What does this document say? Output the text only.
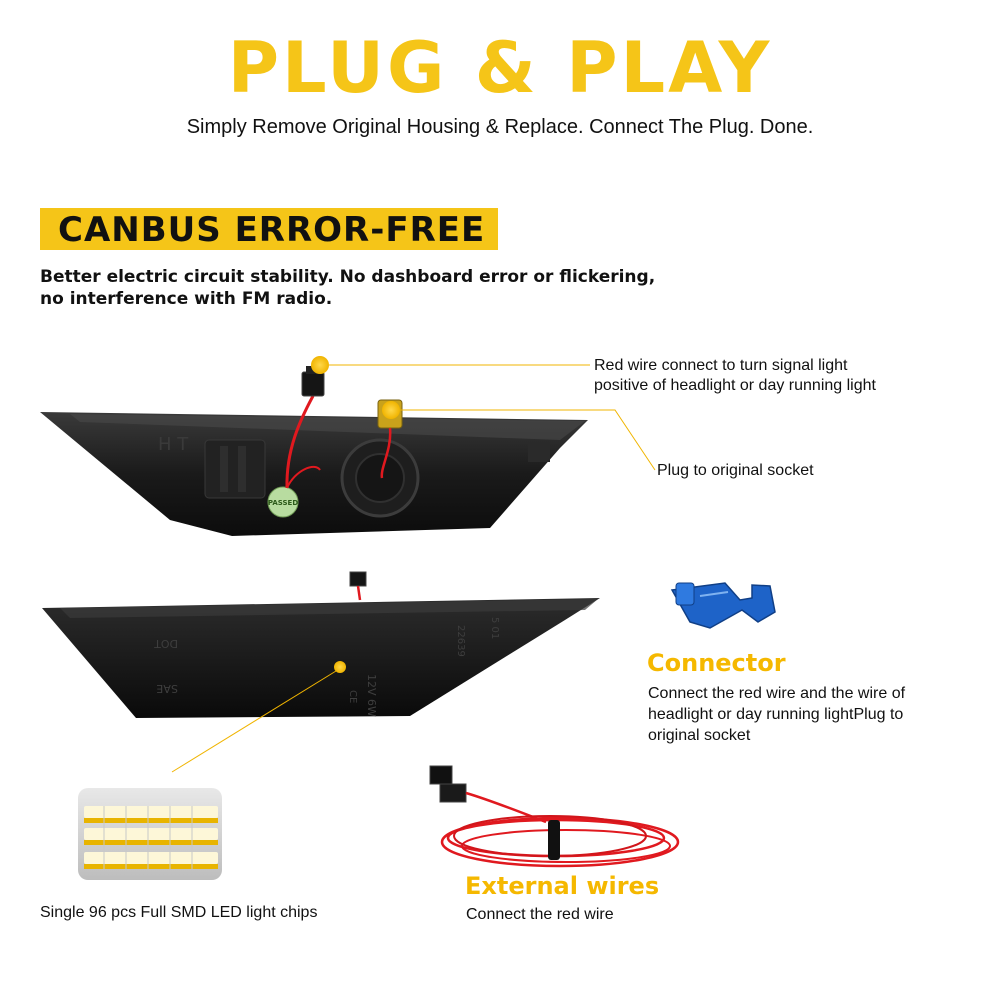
PLUG & PLAY
Simply Remove Original Housing & Replace. Connect The Plug. Done.
CANBUS ERROR-FREE
Better electric circuit stability. No dashboard error or flickering,
no interference with FM radio.
H T
PASSED
DOT
SAE
22639 5 01
12V 6W
CE
Red wire connect to turn signal light
positive of headlight or day running light
Plug to original socket
Connector
Connect the red wire and the wire of
headlight or day running lightPlug to
original socket
External wires
Connect the red wire
Single 96 pcs Full SMD LED light chips
